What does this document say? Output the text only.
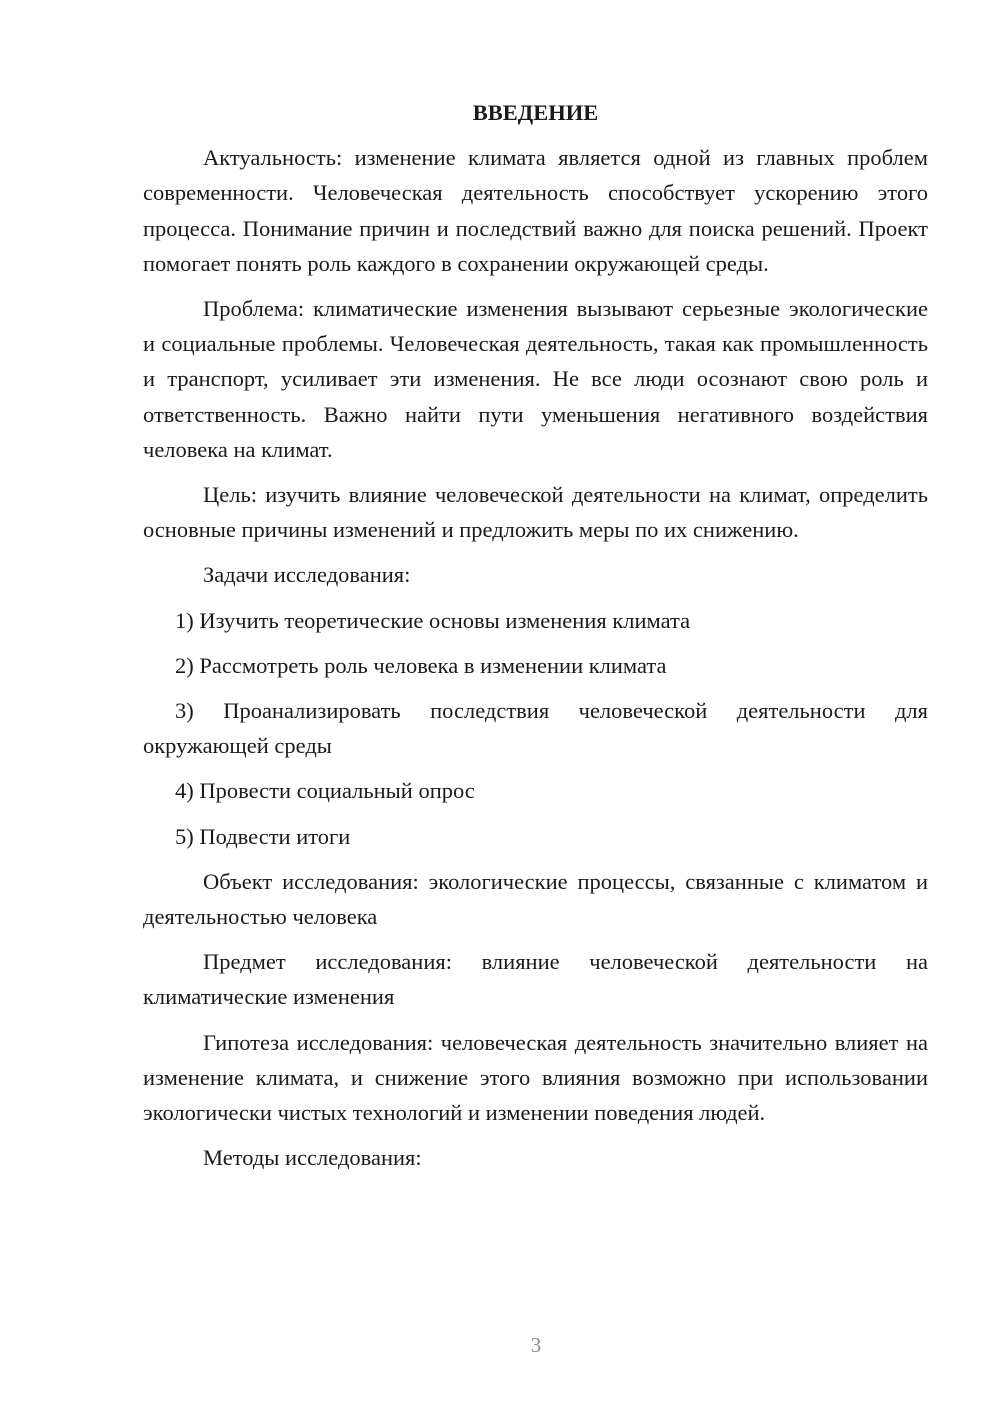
ВВЕДЕНИЕ

Актуальность: изменение климата является одной из главных проблем современности. Человеческая деятельность способствует ускорению этого процесса. Понимание причин и последствий важно для поиска решений. Проект помогает понять роль каждого в сохранении окружающей среды.

Проблема: климатические изменения вызывают серьезные экологические и социальные проблемы. Человеческая деятельность, такая как промышленность и транспорт, усиливает эти изменения. Не все люди осознают свою роль и ответственность. Важно найти пути уменьшения негативного воздействия человека на климат.

Цель: изучить влияние человеческой деятельности на климат, определить основные причины изменений и предложить меры по их снижению.

Задачи исследования:

1) Изучить теоретические основы изменения климата

2) Рассмотреть роль человека в изменении климата

3) Проанализировать последствия человеческой деятельности для окружающей среды

4) Провести социальный опрос

5) Подвести итоги

Объект исследования: экологические процессы, связанные с климатом и деятельностью человека

Предмет исследования: влияние человеческой деятельности на климатические изменения

Гипотеза исследования: человеческая деятельность значительно влияет на изменение климата, и снижение этого влияния возможно при использовании экологически чистых технологий и изменении поведения людей.

Методы исследования:

3
